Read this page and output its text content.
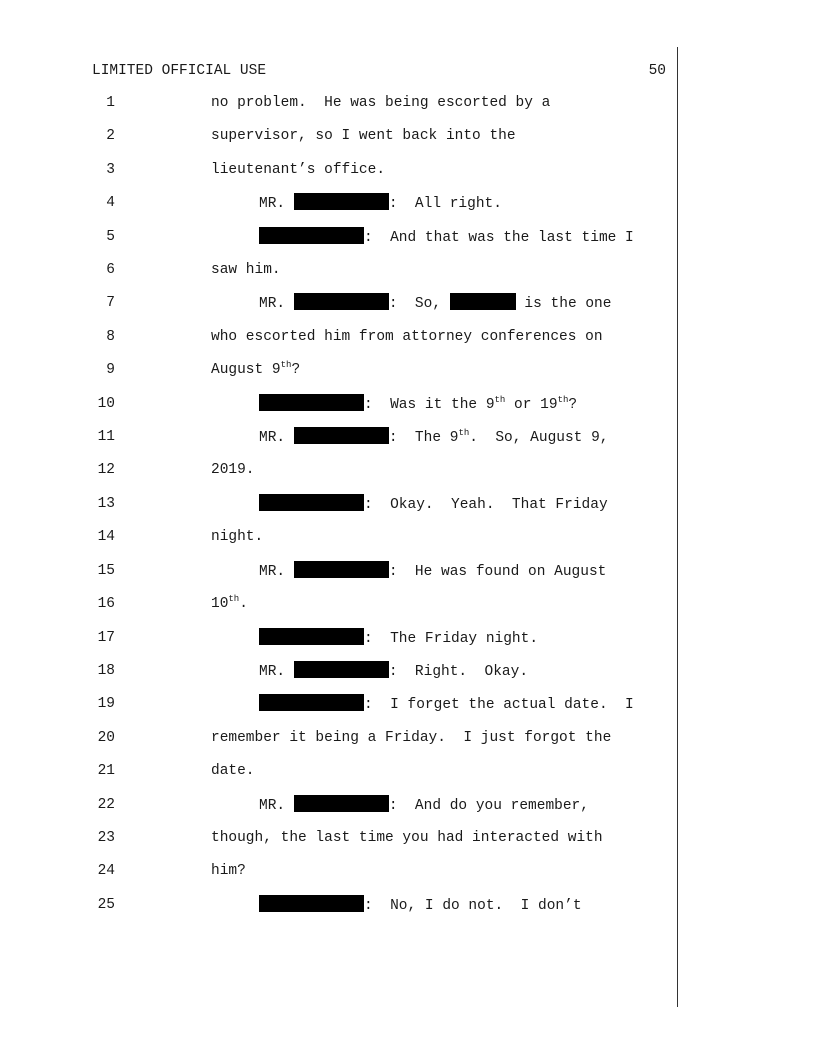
LIMITED OFFICIAL USE	50
1	no problem.  He was being escorted by a
2	supervisor, so I went back into the
3	lieutenant’s office.
4	MR.	:  All right.
5	:  And that was the last time I
6	saw him.
7	MR.	:  So,	is the one
8	who escorted him from attorney conferences on
9	August 9th?
10	:  Was it the 9th or 19th?
11	MR.	:  The 9th.  So, August 9,
12	2019.
13	:  Okay.  Yeah.  That Friday
14	night.
15	MR.	:  He was found on August
16	10th.
17	:  The Friday night.
18	MR.	:  Right.  Okay.
19	:  I forget the actual date.  I
20	remember it being a Friday.  I just forgot the
21	date.
22	MR.	:  And do you remember,
23	though, the last time you had interacted with
24	him?
25	:  No, I do not.  I don’t
